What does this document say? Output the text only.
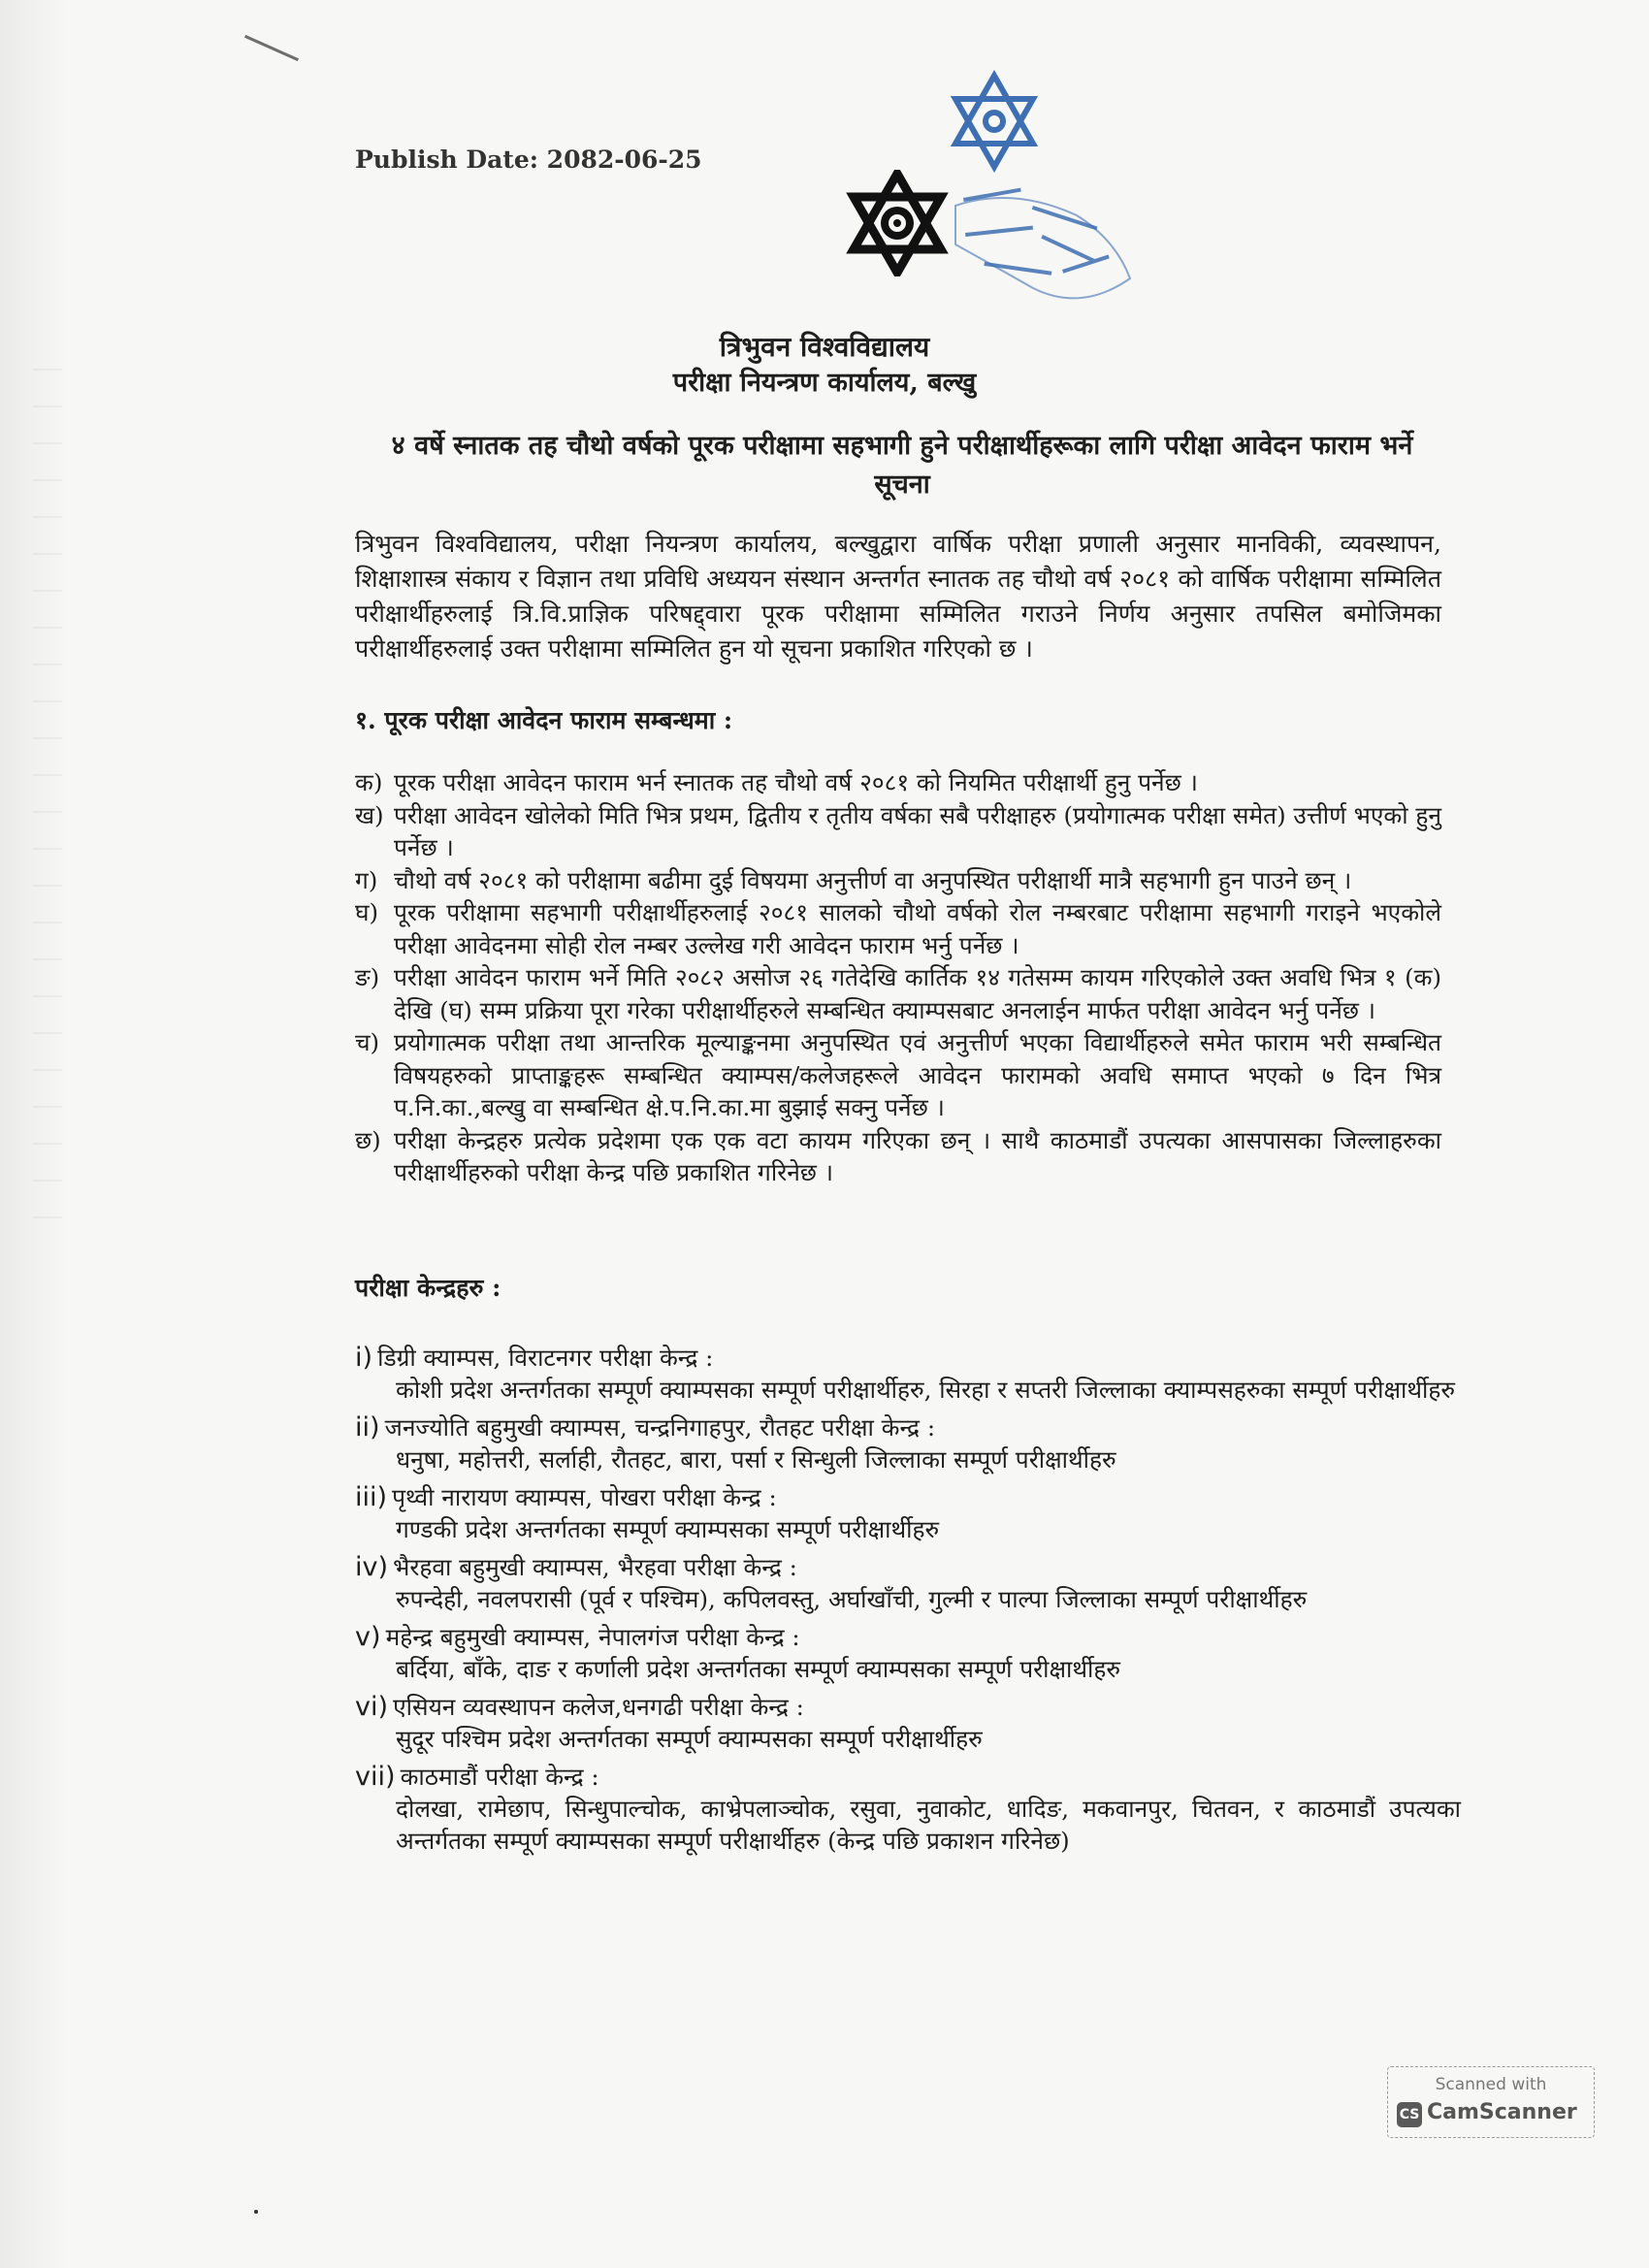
Publish Date: 2082-06-25
त्रिभुवन विश्वविद्यालय
परीक्षा नियन्त्रण कार्यालय, बल्खु
४ वर्षे स्नातक तह चौथो वर्षको पूरक परीक्षामा सहभागी हुने परीक्षार्थीहरूका लागि परीक्षा आवेदन फाराम भर्ने सूचना
त्रिभुवन विश्वविद्यालय, परीक्षा नियन्त्रण कार्यालय, बल्खुद्वारा वार्षिक परीक्षा प्रणाली अनुसार मानविकी, व्यवस्थापन, शिक्षाशास्त्र संकाय र विज्ञान तथा प्रविधि अध्ययन संस्थान अन्तर्गत स्नातक तह चौथो वर्ष २०८१ को वार्षिक परीक्षामा सम्मिलित परीक्षार्थीहरुलाई त्रि.वि.प्राज्ञिक परिषद्द्वारा पूरक परीक्षामा सम्मिलित गराउने निर्णय अनुसार तपसिल बमोजिमका परीक्षार्थीहरुलाई उक्त परीक्षामा सम्मिलित हुन यो सूचना प्रकाशित गरिएको छ ।
१. पूरक परीक्षा आवेदन फाराम सम्बन्धमा :
क) पूरक परीक्षा आवेदन फाराम भर्न स्नातक तह चौथो वर्ष २०८१ को नियमित परीक्षार्थी हुनु पर्नेछ ।
ख) परीक्षा आवेदन खोलेको मिति भित्र प्रथम, द्वितीय र तृतीय वर्षका सबै परीक्षाहरु (प्रयोगात्मक परीक्षा समेत) उत्तीर्ण भएको हुनु पर्नेछ ।
ग) चौथो वर्ष २०८१ को परीक्षामा बढीमा दुई विषयमा अनुत्तीर्ण वा अनुपस्थित परीक्षार्थी मात्रै सहभागी हुन पाउने छन् ।
घ) पूरक परीक्षामा सहभागी परीक्षार्थीहरुलाई २०८१ सालको चौथो वर्षको रोल नम्बरबाट परीक्षामा सहभागी गराइने भएकोले परीक्षा आवेदनमा सोही रोल नम्बर उल्लेख गरी आवेदन फाराम भर्नु पर्नेछ ।
ङ) परीक्षा आवेदन फाराम भर्ने मिति २०८२ असोज २६ गतेदेखि कार्तिक १४ गतेसम्म कायम गरिएकोले उक्त अवधि भित्र १ (क) देखि (घ) सम्म प्रक्रिया पूरा गरेका परीक्षार्थीहरुले सम्बन्धित क्याम्पसबाट अनलाईन मार्फत परीक्षा आवेदन भर्नु पर्नेछ ।
च) प्रयोगात्मक परीक्षा तथा आन्तरिक मूल्याङ्कनमा अनुपस्थित एवं अनुत्तीर्ण भएका विद्यार्थीहरुले समेत फाराम भरी सम्बन्धित विषयहरुको प्राप्ताङ्कहरू सम्बन्धित क्याम्पस/कलेजहरूले आवेदन फारामको अवधि समाप्त भएको ७ दिन भित्र प.नि.का.,बल्खु वा सम्बन्धित क्षे.प.नि.का.मा बुझाई सक्नु पर्नेछ ।
छ) परीक्षा केन्द्रहरु प्रत्येक प्रदेशमा एक एक वटा कायम गरिएका छन् । साथै काठमाडौं उपत्यका आसपासका जिल्लाहरुका परीक्षार्थीहरुको परीक्षा केन्द्र पछि प्रकाशित गरिनेछ ।
परीक्षा केन्द्रहरु :
i) डिग्री क्याम्पस, विराटनगर परीक्षा केन्द्र :
कोशी प्रदेश अन्तर्गतका सम्पूर्ण क्याम्पसका सम्पूर्ण परीक्षार्थीहरु, सिरहा र सप्तरी जिल्लाका क्याम्पसहरुका सम्पूर्ण परीक्षार्थीहरु
ii) जनज्योति बहुमुखी क्याम्पस, चन्द्रनिगाहपुर, रौतहट परीक्षा केन्द्र :
धनुषा, महोत्तरी, सर्लाही, रौतहट, बारा, पर्सा र सिन्धुली जिल्लाका सम्पूर्ण परीक्षार्थीहरु
iii) पृथ्वी नारायण क्याम्पस, पोखरा परीक्षा केन्द्र :
गण्डकी प्रदेश अन्तर्गतका सम्पूर्ण क्याम्पसका सम्पूर्ण परीक्षार्थीहरु
iv) भैरहवा बहुमुखी क्याम्पस, भैरहवा परीक्षा केन्द्र :
रुपन्देही, नवलपरासी (पूर्व र पश्चिम), कपिलवस्तु, अर्घाखाँची, गुल्मी र पाल्पा जिल्लाका सम्पूर्ण परीक्षार्थीहरु
v) महेन्द्र बहुमुखी क्याम्पस, नेपालगंज परीक्षा केन्द्र :
बर्दिया, बाँके, दाङ र कर्णाली प्रदेश अन्तर्गतका सम्पूर्ण क्याम्पसका सम्पूर्ण परीक्षार्थीहरु
vi) एसियन व्यवस्थापन कलेज,धनगढी परीक्षा केन्द्र :
सुदूर पश्चिम प्रदेश अन्तर्गतका सम्पूर्ण क्याम्पसका सम्पूर्ण परीक्षार्थीहरु
vii) काठमाडौं परीक्षा केन्द्र :
दोलखा, रामेछाप, सिन्धुपाल्चोक, काभ्रेपलाञ्चोक, रसुवा, नुवाकोट, धादिङ, मकवानपुर, चितवन, र काठमाडौं उपत्यका अन्तर्गतका सम्पूर्ण क्याम्पसका सम्पूर्ण परीक्षार्थीहरु (केन्द्र पछि प्रकाशन गरिनेछ)
Scanned with
CS CamScanner
